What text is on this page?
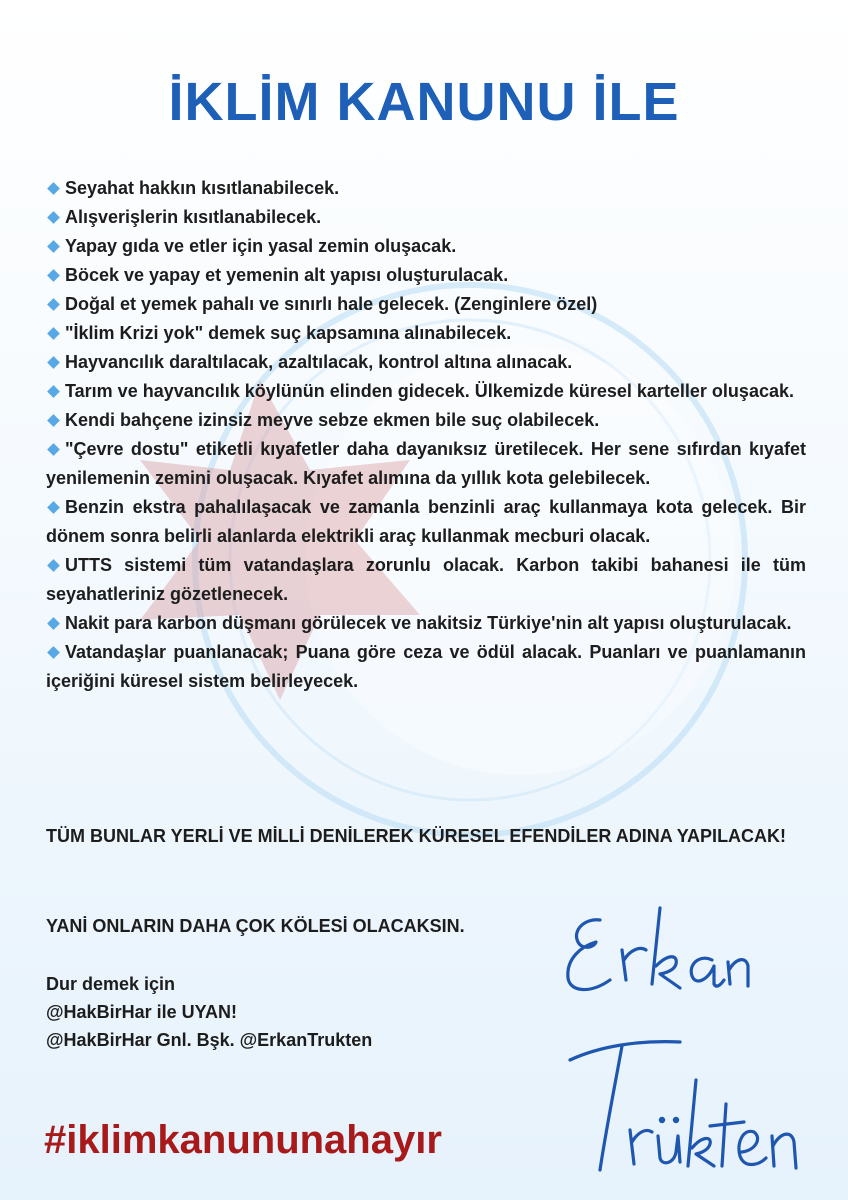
İKLİM KANUNU İLE

Seyahat hakkın kısıtlanabilecek.

Alışverişlerin kısıtlanabilecek.

Yapay gıda ve etler için yasal zemin oluşacak.

Böcek ve yapay et yemenin alt yapısı oluşturulacak.

Doğal et yemek pahalı ve sınırlı hale gelecek. (Zenginlere özel)

"İklim Krizi yok" demek suç kapsamına alınabilecek.

Hayvancılık daraltılacak, azaltılacak, kontrol altına alınacak.

Tarım ve hayvancılık köylünün elinden gidecek. Ülkemizde küresel karteller oluşacak.

Kendi bahçene izinsiz meyve sebze ekmen bile suç olabilecek.

"Çevre dostu" etiketli kıyafetler daha dayanıksız üretilecek. Her sene sıfırdan kıyafet yenilemenin zemini oluşacak. Kıyafet alımına da yıllık kota gelebilecek.

Benzin ekstra pahalılaşacak ve zamanla benzinli araç kullanmaya kota gelecek. Bir dönem sonra belirli alanlarda elektrikli araç kullanmak mecburi olacak.

UTTS sistemi tüm vatandaşlara zorunlu olacak. Karbon takibi bahanesi ile tüm seyahatleriniz gözetlenecek.

Nakit para karbon düşmanı görülecek ve nakitsiz Türkiye'nin alt yapısı oluşturulacak.

Vatandaşlar puanlanacak; Puana göre ceza ve ödül alacak. Puanları ve puanlamanın içeriğini küresel sistem belirleyecek.

TÜM BUNLAR YERLİ VE MİLLİ DENİLEREK KÜRESEL EFENDİLER ADINA YAPILACAK!

YANİ ONLARIN DAHA ÇOK KÖLESİ OLACAKSIN.

Dur demek için
@HakBirHar ile UYAN!
@HakBirHar Gnl. Bşk. @ErkanTrukten

#iklimkanununahayır
